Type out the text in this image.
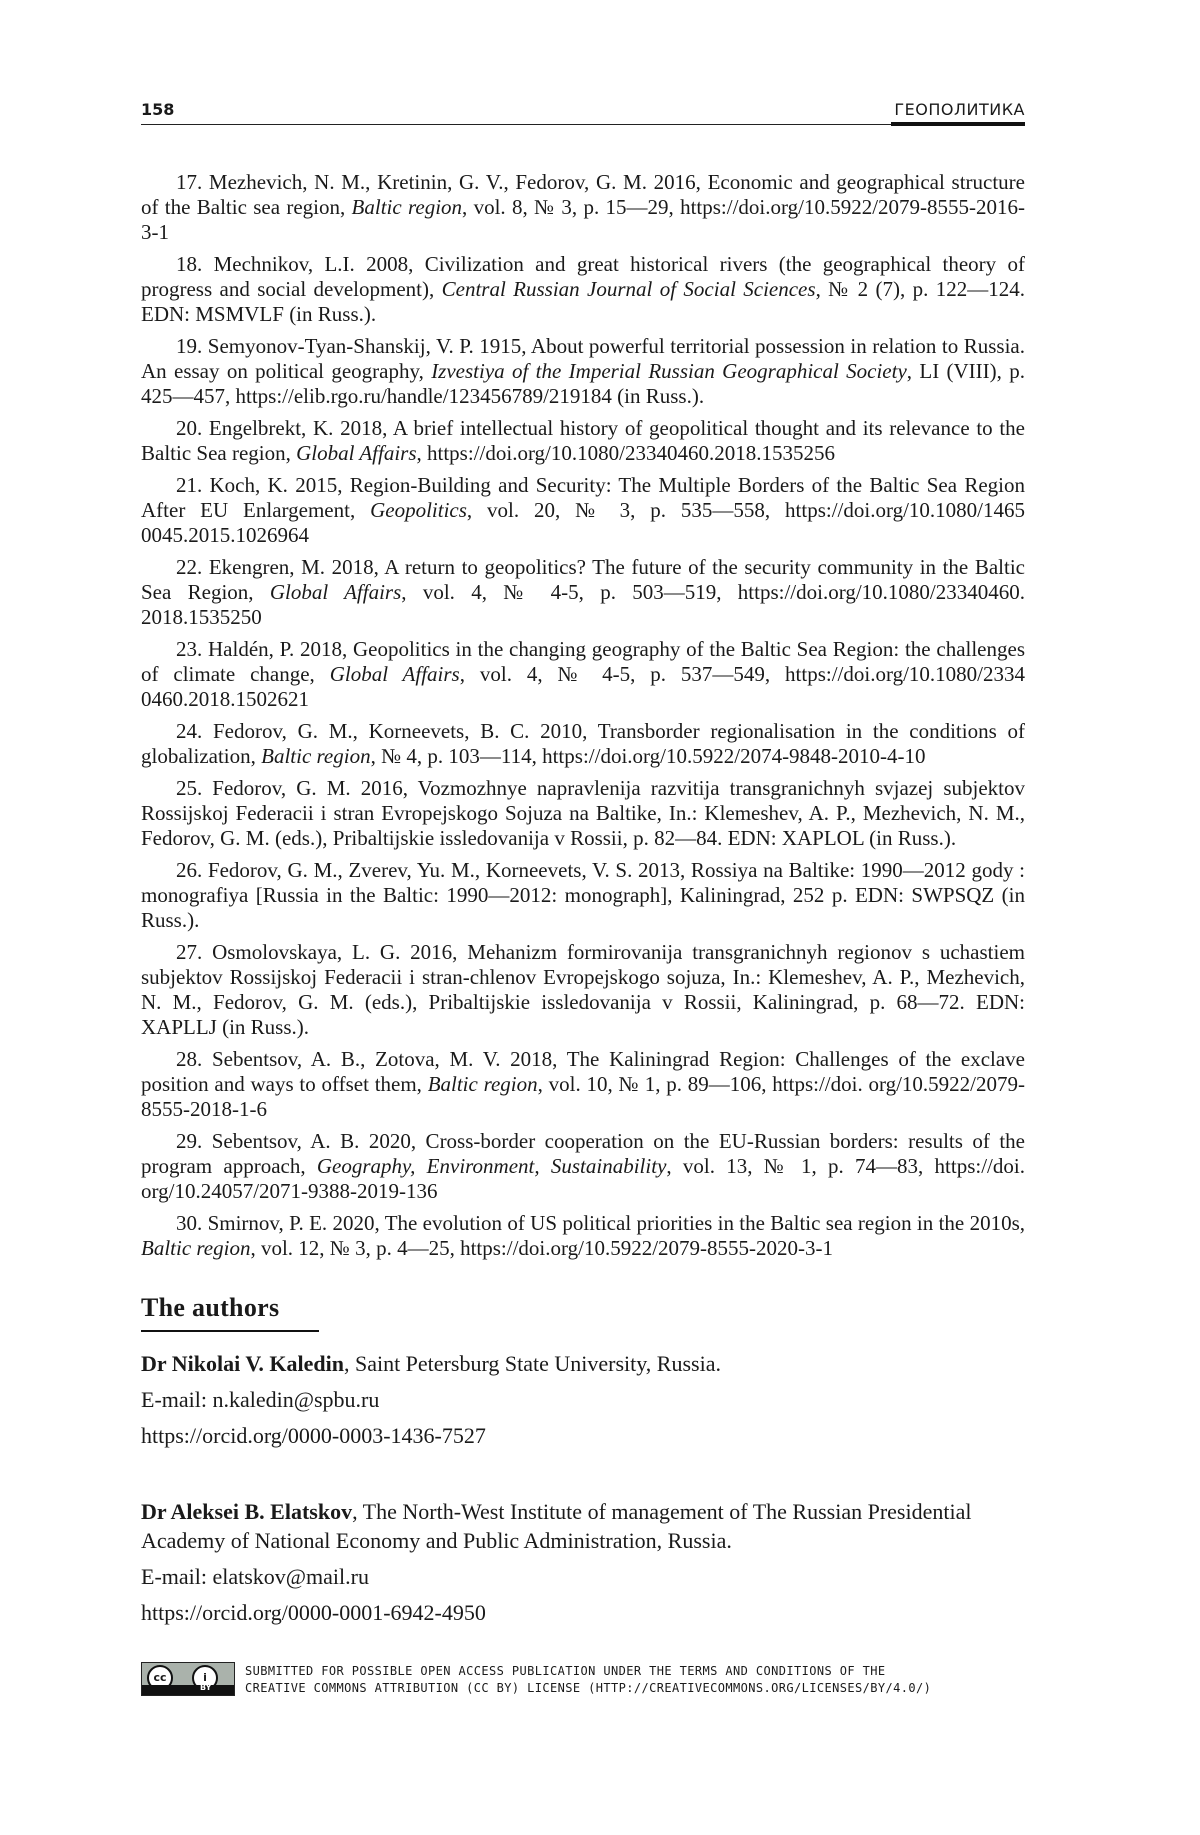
158	ГЕОПОЛИТИКА

17. Mezhevich, N. M., Kretinin, G. V., Fedorov, G. M. 2016, Economic and geographical structure of the Baltic sea region, Baltic region, vol. 8, № 3, p. 15—29, https://doi.org/10.5922/2079-8555-2016-3-1

18. Mechnikov, L.I. 2008, Civilization and great historical rivers (the geographical theory of progress and social development), Central Russian Journal of Social Sciences, № 2 (7), p. 122—124. EDN: MSMVLF (in Russ.).

19. Semyonov-Tyan-Shanskij, V. P. 1915, About powerful territorial possession in relation to Russia. An essay on political geography, Izvestiya of the Imperial Russian Geographical Society, LI (VIII), p. 425—457, https://elib.rgo.ru/handle/123456789/219184 (in Russ.).

20. Engelbrekt, K. 2018, A brief intellectual history of geopolitical thought and its relevance to the Baltic Sea region, Global Affairs, https://doi.org/10.1080/23340460.2018.1535256

21. Koch, K. 2015, Region-Building and Security: The Multiple Borders of the Baltic Sea Region After EU Enlargement, Geopolitics, vol. 20, № 3, p. 535—558, https://doi.org/10.1080/1465 0045.2015.1026964

22. Ekengren, M. 2018, A return to geopolitics? The future of the security community in the Baltic Sea Region, Global Affairs, vol. 4, № 4-5, p. 503—519, https://doi.org/10.1080/23340460. 2018.1535250

23. Haldén, P. 2018, Geopolitics in the changing geography of the Baltic Sea Region: the challenges of climate change, Global Affairs, vol. 4, № 4-5, p. 537—549, https://doi.org/10.1080/2334 0460.2018.1502621

24. Fedorov, G. M., Korneevets, B. C. 2010, Transborder regionalisation in the conditions of globalization, Baltic region, № 4, p. 103—114, https://doi.org/10.5922/2074-9848-2010-4-10

25. Fedorov, G. M. 2016, Vozmozhnye napravlenija razvitija transgranichnyh svjazej subjektov Rossijskoj Federacii i stran Evropejskogo Sojuza na Baltike, In.: Klemeshev, A. P., Mezhevich, N. M., Fedorov, G. M. (eds.), Pribaltijskie issledovanija v Rossii, p. 82—84. EDN: XAPLOL (in Russ.).

26. Fedorov, G. M., Zverev, Yu. M., Korneevets, V. S. 2013, Rossiya na Baltike: 1990—2012 gody : monografiya [Russia in the Baltic: 1990—2012: monograph], Kaliningrad, 252 p. EDN: SWPSQZ (in Russ.).

27. Osmolovskaya, L. G. 2016, Mehanizm formirovanija transgranichnyh regionov s uchastiem subjektov Rossijskoj Federacii i stran-chlenov Evropejskogo sojuza, In.: Klemeshev, A. P., Mezhevich, N. M., Fedorov, G. M. (eds.), Pribaltijskie issledovanija v Rossii, Kaliningrad, p. 68—72. EDN: XAPLLJ (in Russ.).

28. Sebentsov, A. B., Zotova, M. V. 2018, The Kaliningrad Region: Challenges of the exclave position and ways to offset them, Baltic region, vol. 10, № 1, p. 89—106, https://doi. org/10.5922/2079-8555-2018-1-6

29. Sebentsov, A. B. 2020, Cross-border cooperation on the EU-Russian borders: results of the program approach, Geography, Environment, Sustainability, vol. 13, № 1, p. 74—83, https://doi. org/10.24057/2071-9388-2019-136

30. Smirnov, P. E. 2020, The evolution of US political priorities in the Baltic sea region in the 2010s, Baltic region, vol. 12, № 3, p. 4—25, https://doi.org/10.5922/2079-8555-2020-3-1

The authors

Dr Nikolai V. Kaledin, Saint Petersburg State University, Russia.

E-mail: n.kaledin@spbu.ru

https://orcid.org/0000-0003-1436-7527

Dr Aleksei B. Elatskov, The North-West Institute of management of The Russian Presidential Academy of National Economy and Public Administration, Russia.

E-mail: elatskov@mail.ru

https://orcid.org/0000-0001-6942-4950

cc	i
BY
SUBMITTED FOR POSSIBLE OPEN ACCESS PUBLICATION UNDER THE TERMS AND CONDITIONS OF THE
CREATIVE COMMONS ATTRIBUTION (CC BY) LICENSE (HTTP://CREATIVECOMMONS.ORG/LICENSES/BY/4.0/)
